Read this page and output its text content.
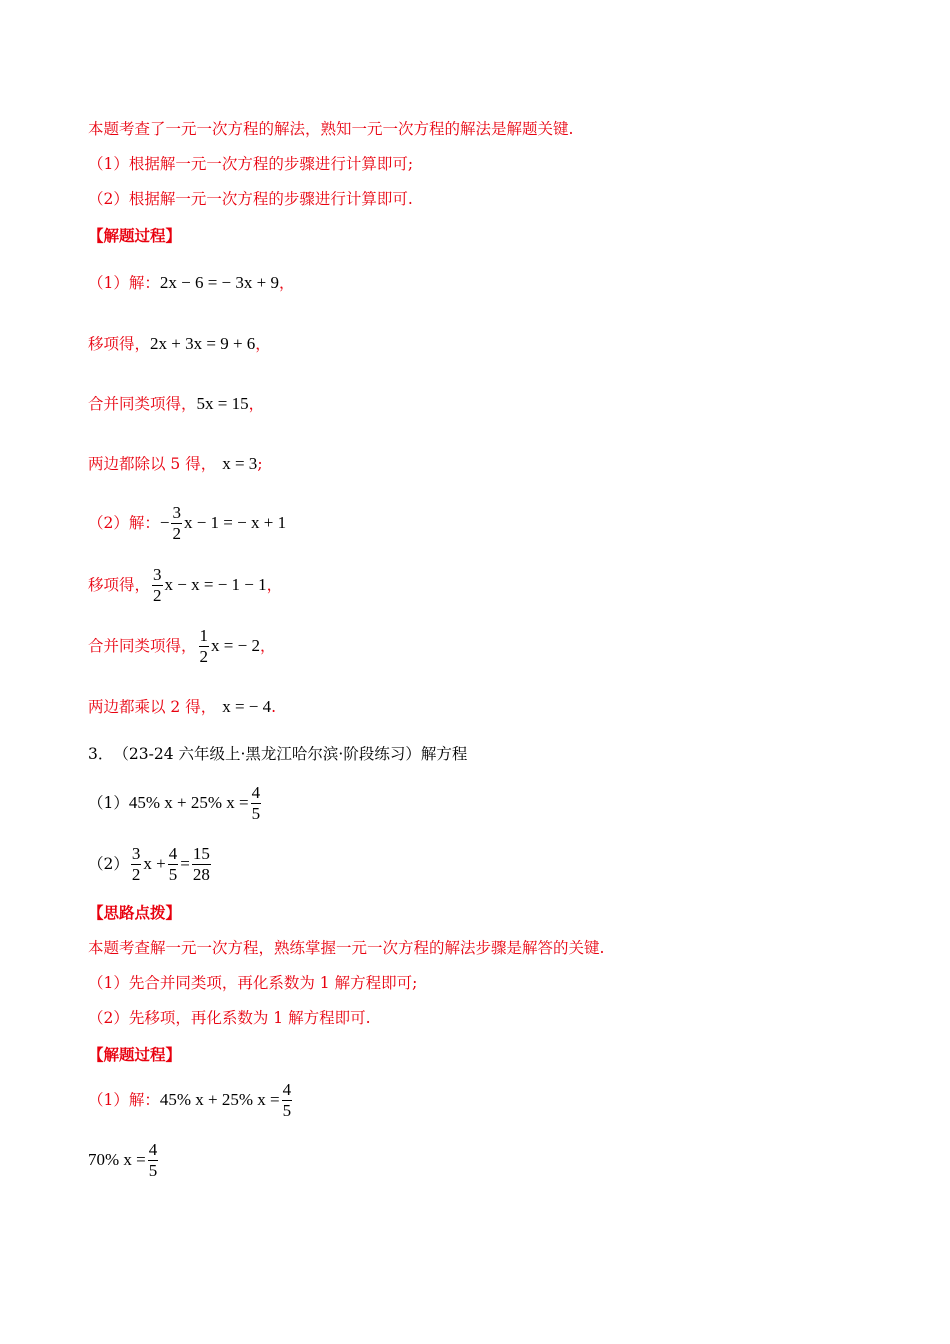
本题考查了一元一次方程的解法，熟知一元一次方程的解法是解题关键.
（1）根据解一元一次方程的步骤进行计算即可;
（2）根据解一元一次方程的步骤进行计算即可.
【解题过程】
（1）解： 2x − 6 = − 3x + 9 ，
移项得， 2x + 3x = 9 + 6 ，
合并同类项得， 5x = 15 ，
两边都除以 5 得， x = 3 ;
（2）解： − $\frac{3}{2}$ x − 1 = − x + 1
移项得， $\frac{3}{2}$ x − x = − 1 − 1 ，
合并同类项得， $\frac{1}{2}$ x = − 2 ，
两边都乘以 2 得， x = − 4 .
3． （23-24 六年级上·黑龙江哈尔滨·阶段练习）解方程
（1） 45% x + 25% $x = \frac{4}{5}$
$(2) \frac{3}{2}$ $x + \frac{4}{5} = \frac{15}{28}$
【思路点拨】
本题考查解一元一次方程，熟练掌握一元一次方程的解法步骤是解答的关键.
（1）先合并同类项，再化系数为 1 解方程即可;
（2）先移项，再化系数为 1 解方程即可.
【解题过程】
（1）解： 45% x + 25% $x = \frac{4}{5}$
70% $x = \frac{4}{5}$
